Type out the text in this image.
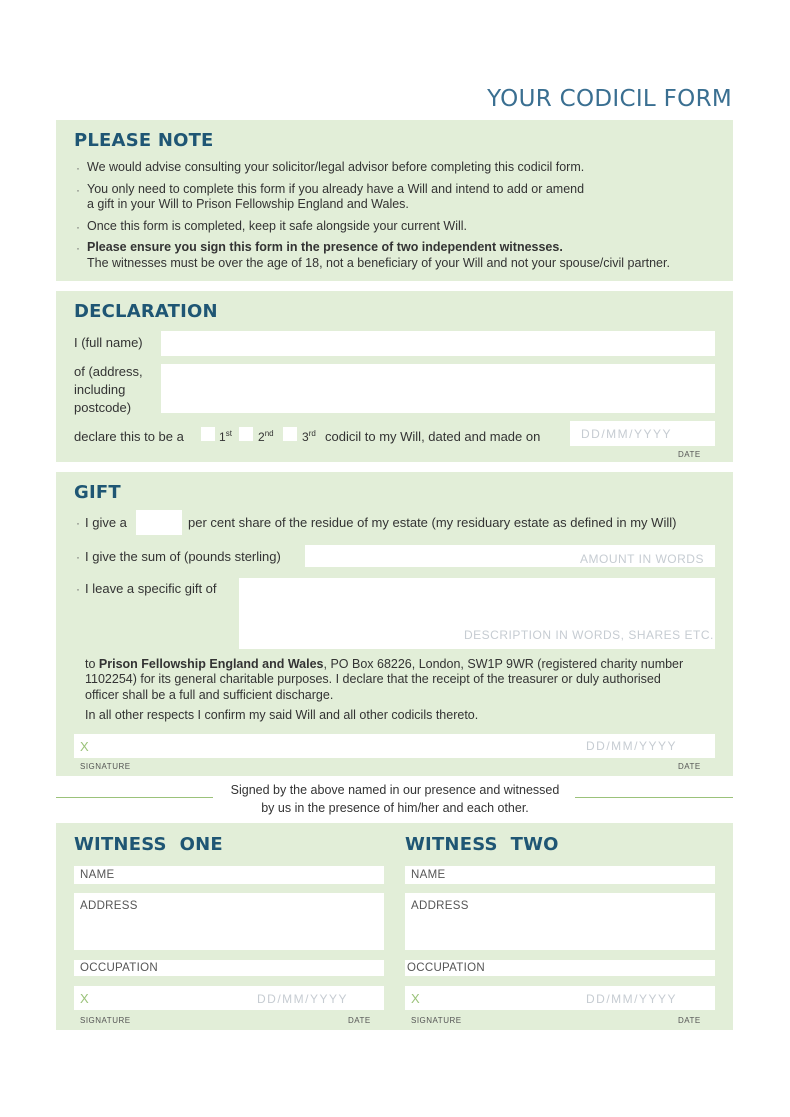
YOUR CODICIL FORM
PLEASE NOTE
· We would advise consulting your solicitor/legal advisor before completing this codicil form.
· You only need to complete this form if you already have a Will and intend to add or amend
a gift in your Will to Prison Fellowship England and Wales.
· Once this form is completed, keep it safe alongside your current Will.
· Please ensure you sign this form in the presence of two independent witnesses.
The witnesses must be over the age of 18, not a beneficiary of your Will and not your spouse/civil partner.
DECLARATION
I (full name)
of (address,
including
postcode)
declare this to be a	1st 2nd 3rd codicil to my Will, dated and made on	DD/MM/YYYY
DATE
GIFT
· I give a	per cent share of the residue of my estate (my residuary estate as defined in my Will)
· I give the sum of (pounds sterling)	AMOUNT IN WORDS
· I leave a specific gift of
DESCRIPTION IN WORDS, SHARES ETC.
to Prison Fellowship England and Wales, PO Box 68226, London, SW1P 9WR (registered charity number
1102254) for its general charitable purposes. I declare that the receipt of the treasurer or duly authorised
officer shall be a full and sufficient discharge.
In all other respects I confirm my said Will and all other codicils thereto.
X	DD/MM/YYYY
SIGNATURE	DATE
Signed by the above named in our presence and witnessed
by us in the presence of him/her and each other.
WITNESS  ONE
NAME
ADDRESS
OCCUPATION
X	DD/MM/YYYY
SIGNATURE	DATE
WITNESS  TWO
NAME
ADDRESS
OCCUPATION
X	DD/MM/YYYY
SIGNATURE	DATE
